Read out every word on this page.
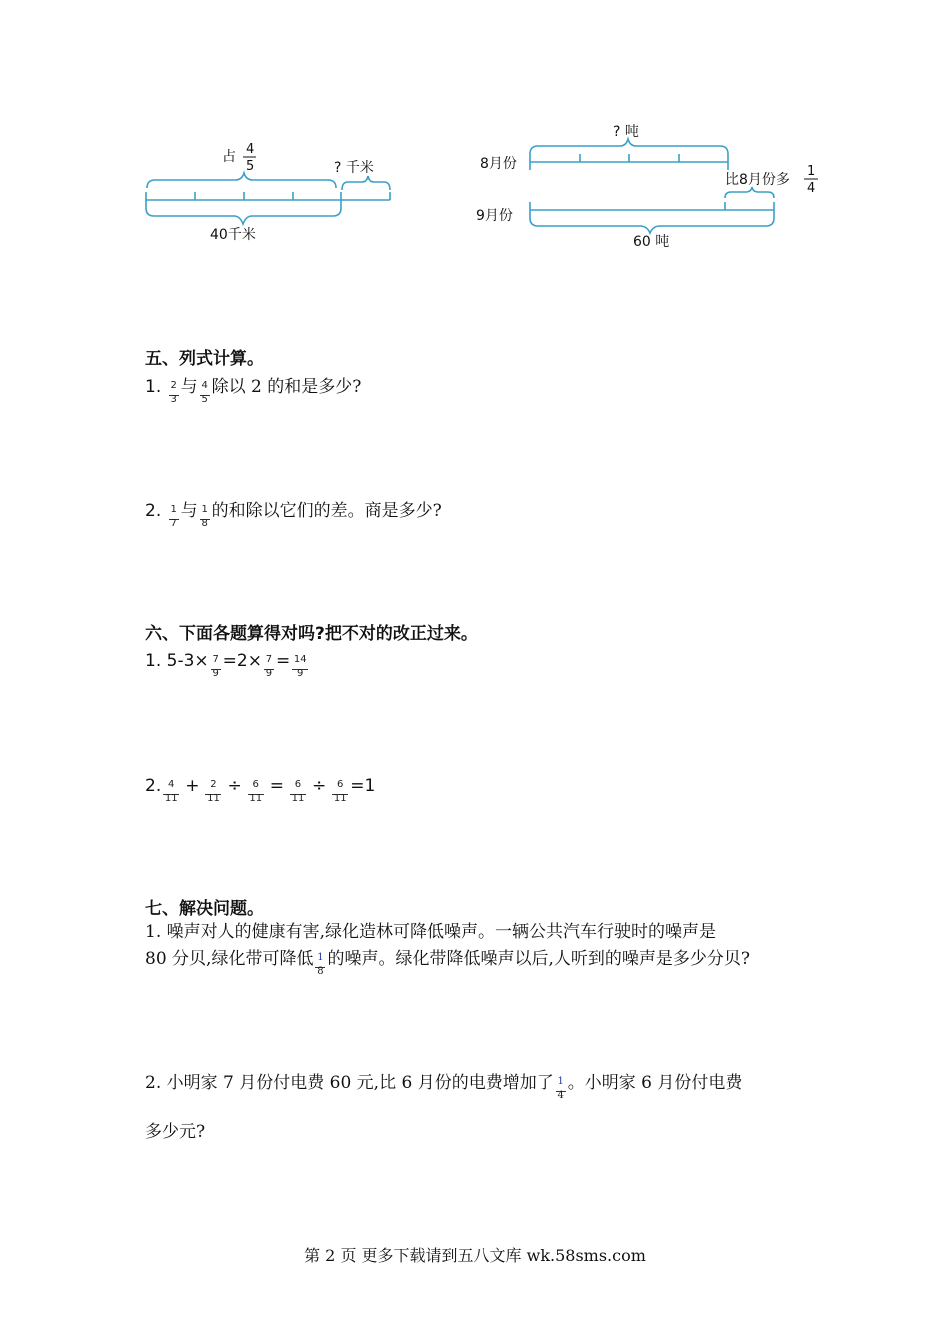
占 4
5	? 千米
40千米
? 吨
8月份
9月份
比8月份多
1
4
60 吨
五、列式计算。
1. $\frac{2}{3}$ 与 $\frac{4}{5}$ 除以 2 的和是多少?
2. $\frac{1}{7}$ 与 $\frac{1}{8}$ 的和除以它们的差。商是多少?
六、下面各题算得对吗?把不对的改正过来。
1. $5-3\times \frac{7}{9} =2\times \frac{7}{9} = \frac{14}{9}$
2. $\frac{4}{11} + \frac{2}{11} \div \frac{6}{11} = \frac{6}{11} \div \frac{6}{11} =1$
七、解决问题。
1. 噪声对人的健康有害,绿化造林可降低噪声。一辆公共汽车行驶时的噪声是
80 分贝,绿化带可降低 $\frac{1}{8}$ 的噪声。绿化带降低噪声以后,人听到的噪声是多少分贝?
2. 小明家 7 月份付电费 60 元,比 6 月份的电费增加了 $\frac{1}{4}$ 。小明家 6 月份付电费
多少元?
第 2 页 更多下载请到五八文库 wk.58sms.com
